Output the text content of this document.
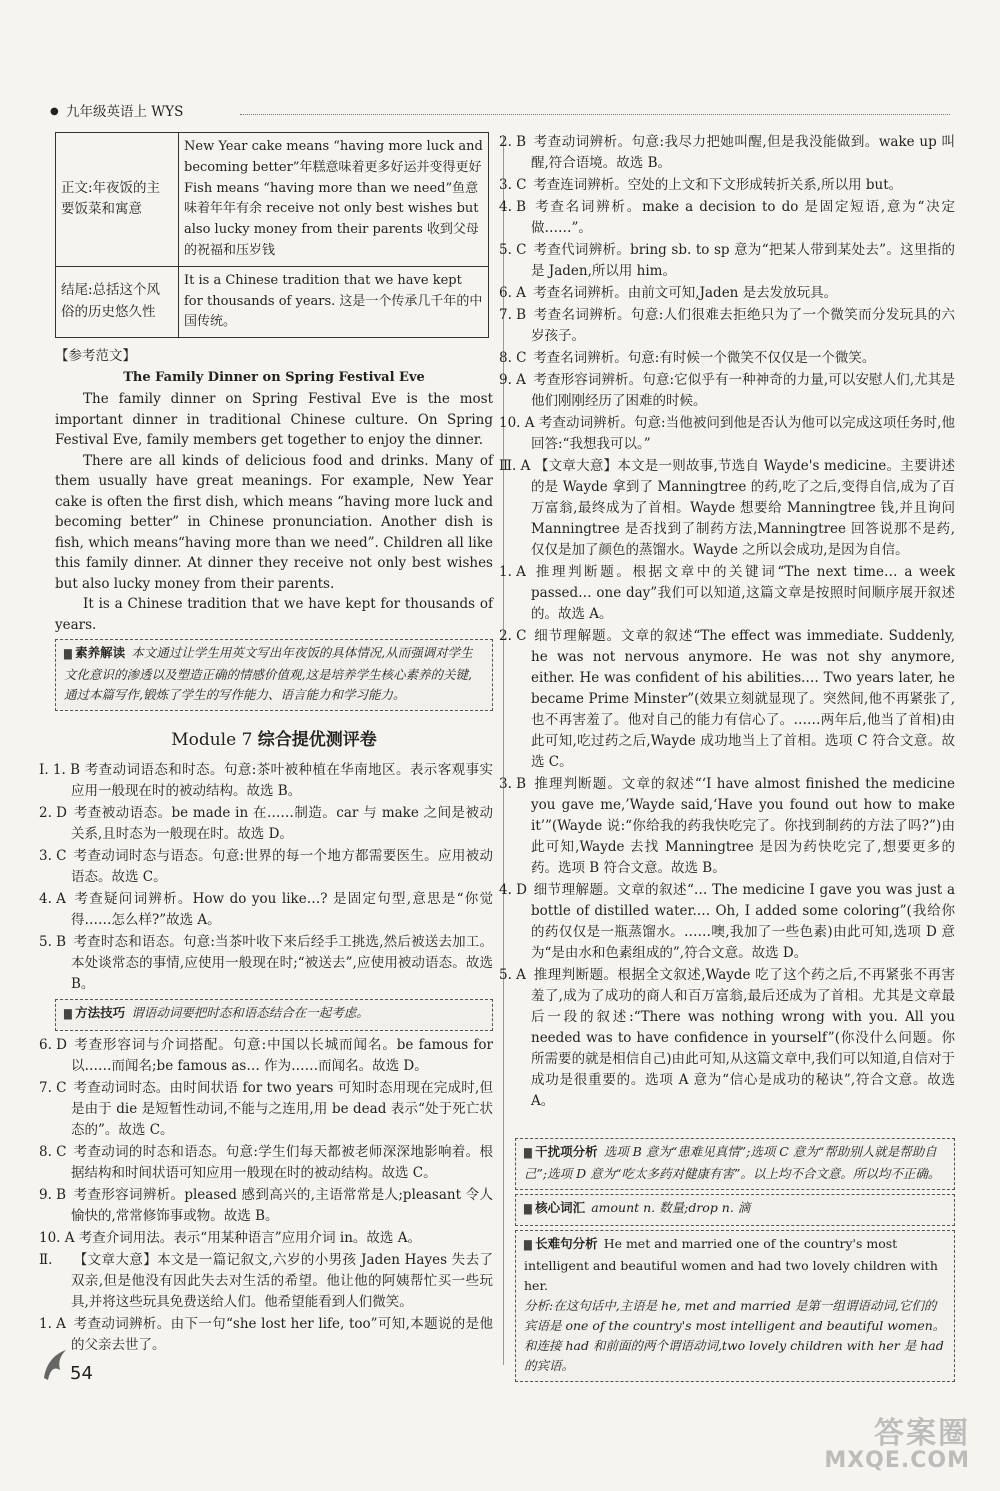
● 九年级英语上 WYS
正文:年夜饭的主要饭菜和寓意	New Year cake means “having more luck and becoming better”年糕意味着更多好运并变得更好 Fish means “having more than we need”鱼意味着年年有余 receive not only best wishes but also lucky money from their parents 收到父母的祝福和压岁钱
结尾:总括这个风俗的历史悠久性	It is a Chinese tradition that we have kept for thousands of years. 这是一个传承几千年的中国传统。

【参考范文】

The Family Dinner on Spring Festival Eve

The family dinner on Spring Festival Eve is the most important dinner in traditional Chinese culture. On Spring Festival Eve, family members get together to enjoy the dinner.

There are all kinds of delicious food and drinks. Many of them usually have great meanings. For example, New Year cake is often the first dish, which means “having more luck and becoming better” in Chinese pronunciation. Another dish is fish, which means“having more than we need”. Children all like this family dinner. At dinner they receive not only best wishes but also lucky money from their parents.

It is a Chinese tradition that we have kept for thousands of years.

▇ 素养解读 本文通过让学生用英文写出年夜饭的具体情况,从而强调对学生文化意识的渗透以及塑造正确的情感价值观,这是培养学生核心素养的关键,通过本篇写作,锻炼了学生的写作能力、语言能力和学习能力。
Module 7 综合提优测评卷

Ⅰ. 1. B 考查动词语态和时态。句意:茶叶被种植在华南地区。表示客观事实应用一般现在时的被动结构。故选 B。

2. D 考查被动语态。be made in 在……制造。car 与 make 之间是被动关系,且时态为一般现在时。故选 D。

3. C 考查动词时态与语态。句意:世界的每一个地方都需要医生。应用被动语态。故选 C。

4. A 考查疑问词辨析。How do you like…? 是固定句型,意思是“你觉得……怎么样?”故选 A。

5. B 考查时态和语态。句意:当茶叶收下来后经手工挑选,然后被送去加工。本处谈常态的事情,应使用一般现在时;“被送去”,应使用被动语态。故选 B。

▇ 方法技巧 谓语动词要把时态和语态结合在一起考虑。

6. D 考查形容词与介词搭配。句意:中国以长城而闻名。be famous for 以……而闻名;be famous as… 作为……而闻名。故选 D。

7. C 考查动词时态。由时间状语 for two years 可知时态用现在完成时,但是由于 die 是短暂性动词,不能与之连用,用 be dead 表示“处于死亡状态的”。故选 C。

8. C 考查动词的时态和语态。句意:学生们每天都被老师深深地影响着。根据结构和时间状语可知应用一般现在时的被动结构。故选 C。

9. B 考查形容词辨析。pleased 感到高兴的,主语常常是人;pleasant 令人愉快的,常常修饰事或物。故选 B。

10. A 考查介词用法。表示“用某种语言”应用介词 in。故选 A。

Ⅱ. 【文章大意】本文是一篇记叙文,六岁的小男孩 Jaden Hayes 失去了双亲,但是他没有因此失去对生活的希望。他让他的阿姨帮忙买一些玩具,并将这些玩具免费送给人们。他希望能看到人们微笑。

1. A 考查动词辨析。由下一句“she lost her life, too”可知,本题说的是他的父亲去世了。

2. B 考查动词辨析。句意:我尽力把她叫醒,但是我没能做到。wake up 叫醒,符合语境。故选 B。

3. C 考查连词辨析。空处的上文和下文形成转折关系,所以用 but。

4. B 考查名词辨析。make a decision to do 是固定短语,意为“决定做……”。

5. C 考查代词辨析。bring sb. to sp 意为“把某人带到某处去”。这里指的是 Jaden,所以用 him。

6. A 考查名词辨析。由前文可知,Jaden 是去发放玩具。

7. B 考查名词辨析。句意:人们很难去拒绝只为了一个微笑而分发玩具的六岁孩子。

8. C 考查名词辨析。句意:有时候一个微笑不仅仅是一个微笑。

9. A 考查形容词辨析。句意:它似乎有一种神奇的力量,可以安慰人们,尤其是他们刚刚经历了困难的时候。

10. A 考查动词辨析。句意:当他被问到他是否认为他可以完成这项任务时,他回答:“我想我可以。”

Ⅲ. A 【文章大意】本文是一则故事,节选自 Wayde's medicine。主要讲述的是 Wayde 拿到了 Manningtree 的药,吃了之后,变得自信,成为了百万富翁,最终成为了首相。Wayde 想要给 Manningtree 钱,并且询问 Manningtree 是否找到了制药方法,Manningtree 回答说那不是药,仅仅是加了颜色的蒸馏水。Wayde 之所以会成功,是因为自信。

1. A 推理判断题。根据文章中的关键词“The next time… a week passed… one day”我们可以知道,这篇文章是按照时间顺序展开叙述的。故选 A。

2. C 细节理解题。文章的叙述“The effect was immediate. Suddenly, he was not nervous anymore. He was not shy anymore, either. He was confident of his abilities.… Two years later, he became Prime Minster”(效果立刻就显现了。突然间,他不再紧张了,也不再害羞了。他对自己的能力有信心了。……两年后,他当了首相)由此可知,吃过药之后,Wayde 成功地当上了首相。选项 C 符合文意。故选 C。

3. B 推理判断题。文章的叙述“‘I have almost finished the medicine you gave me,’Wayde said,‘Have you found out how to make it’”(Wayde 说:“你给我的药我快吃完了。你找到制药的方法了吗?”)由此可知,Wayde 去找 Manningtree 是因为药快吃完了,想要更多的药。选项 B 符合文意。故选 B。

4. D 细节理解题。文章的叙述“… The medicine I gave you was just a bottle of distilled water.… Oh, I added some coloring”(我给你的药仅仅是一瓶蒸馏水。……噢,我加了一些色素)由此可知,选项 D 意为“是由水和色素组成的”,符合文意。故选 D。

5. A 推理判断题。根据全文叙述,Wayde 吃了这个药之后,不再紧张不再害羞了,成为了成功的商人和百万富翁,最后还成为了首相。尤其是文章最后一段的叙述:“There was nothing wrong with you. All you needed was to have confidence in yourself”(你没什么问题。你所需要的就是相信自己)由此可知,从这篇文章中,我们可以知道,自信对于成功是很重要的。选项 A 意为“信心是成功的秘诀”,符合文意。故选 A。

▇ 干扰项分析 选项 B 意为“患难见真情”;选项 C 意为“帮助别人就是帮助自己”;选项 D 意为“吃太多药对健康有害”。以上均不合文意。所以均不正确。
▇ 核心词汇 amount n. 数量;drop n. 滴
▇ 长难句分析 He met and married one of the country's most intelligent and beautiful women and had two lovely children with her.
分析:在这句话中,主语是 he, met and married 是第一组谓语动词,它们的宾语是 one of the country's most intelligent and beautiful women。和连接 had 和前面的两个谓语动词,two lovely children with her 是 had 的宾语。
54
答案圈
MXQE.COM
